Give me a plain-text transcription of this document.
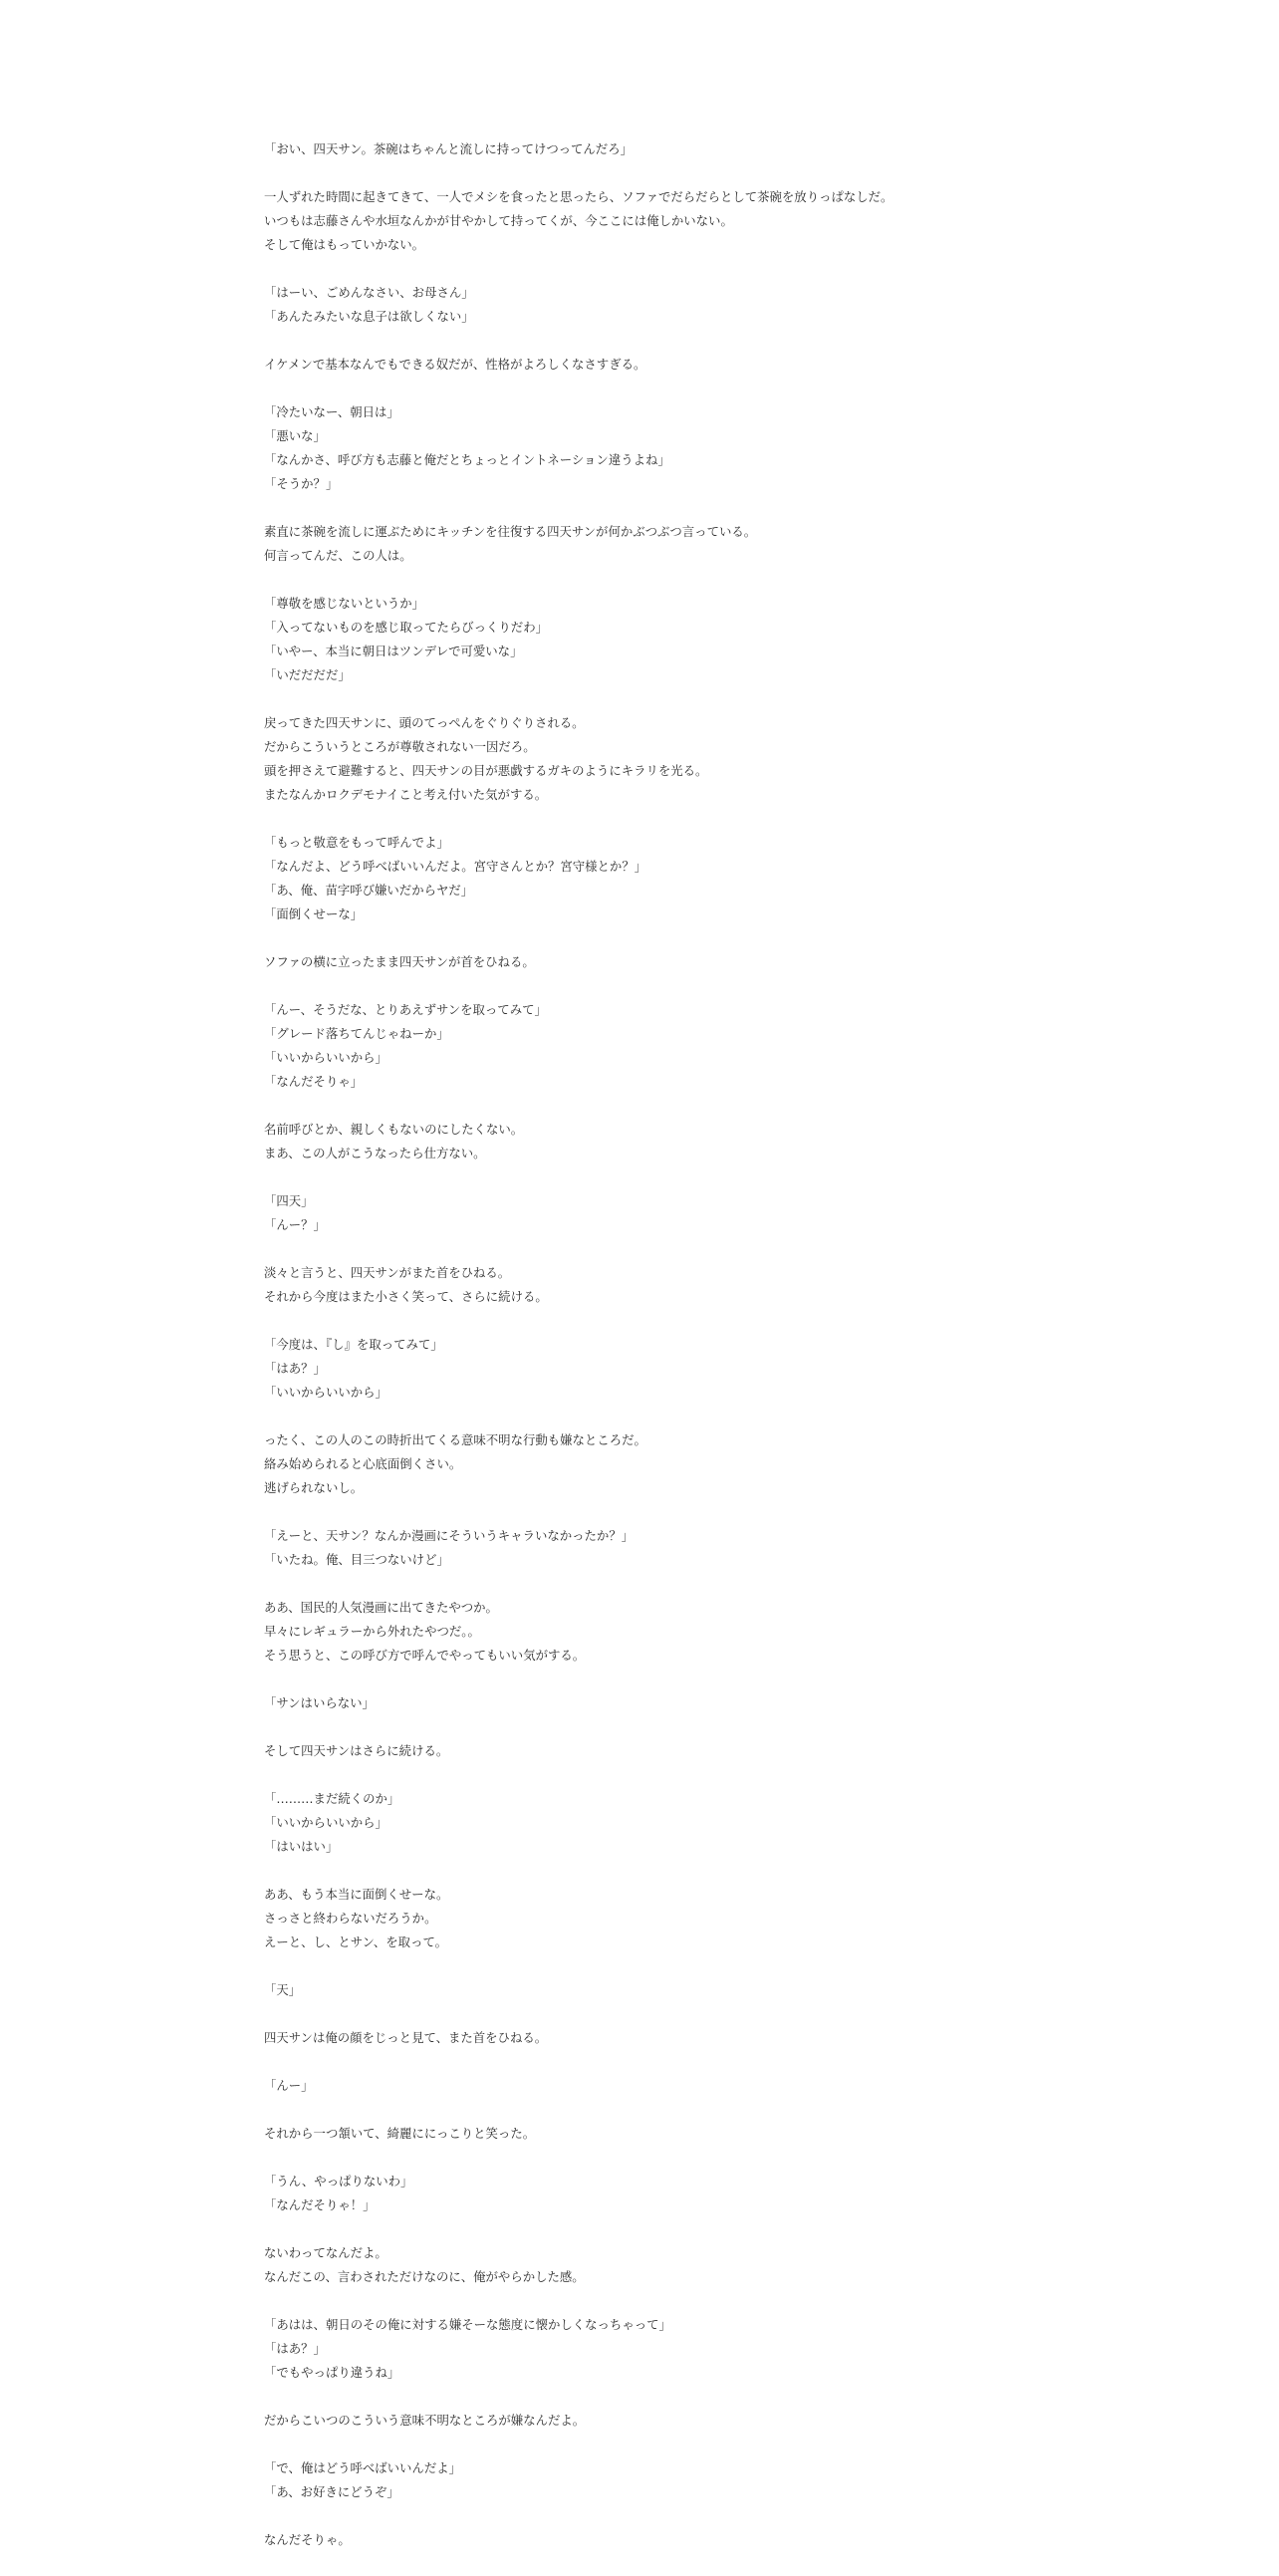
「おい、四天サン。茶碗はちゃんと流しに持ってけつってんだろ」
一人ずれた時間に起きてきて、一人でメシを食ったと思ったら、ソファでだらだらとして茶碗を放りっぱなしだ。
いつもは志藤さんや水垣なんかが甘やかして持ってくが、今ここには俺しかいない。
そして俺はもっていかない。
「はーい、ごめんなさい、お母さん」
「あんたみたいな息子は欲しくない」
イケメンで基本なんでもできる奴だが、性格がよろしくなさすぎる。
「冷たいなー、朝日は」
「悪いな」
「なんかさ、呼び方も志藤と俺だとちょっとイントネーション違うよね」
「そうか？」
素直に茶碗を流しに運ぶためにキッチンを往復する四天サンが何かぶつぶつ言っている。
何言ってんだ、この人は。
「尊敬を感じないというか」
「入ってないものを感じ取ってたらびっくりだわ」
「いやー、本当に朝日はツンデレで可愛いな」
「いだだだだ」
戻ってきた四天サンに、頭のてっぺんをぐりぐりされる。
だからこういうところが尊敬されない一因だろ。
頭を押さえて避難すると、四天サンの目が悪戯するガキのようにキラリを光る。
またなんかロクデモナイこと考え付いた気がする。
「もっと敬意をもって呼んでよ」
「なんだよ、どう呼べばいいんだよ。宮守さんとか？宮守様とか？」
「あ、俺、苗字呼び嫌いだからヤだ」
「面倒くせーな」
ソファの横に立ったまま四天サンが首をひねる。
「んー、そうだな、とりあえずサンを取ってみて」
「グレード落ちてんじゃねーか」
「いいからいいから」
「なんだそりゃ」
名前呼びとか、親しくもないのにしたくない。
まあ、この人がこうなったら仕方ない。
「四天」
「んー？」
淡々と言うと、四天サンがまた首をひねる。
それから今度はまた小さく笑って、さらに続ける。
「今度は、『し』を取ってみて」
「はあ？」
「いいからいいから」
ったく、この人のこの時折出てくる意味不明な行動も嫌なところだ。
絡み始められると心底面倒くさい。
逃げられないし。
「えーと、天サン？なんか漫画にそういうキャラいなかったか？」
「いたね。俺、目三つないけど」
ああ、国民的人気漫画に出てきたやつか。
早々にレギュラーから外れたやつだ。。
そう思うと、この呼び方で呼んでやってもいい気がする。
「サンはいらない」
そして四天サンはさらに続ける。
「………まだ続くのか」
「いいからいいから」
「はいはい」
ああ、もう本当に面倒くせーな。
さっさと終わらないだろうか。
えーと、し、とサン、を取って。
「天」
四天サンは俺の顔をじっと見て、また首をひねる。
「んー」
それから一つ頷いて、綺麗ににっこりと笑った。
「うん、やっぱりないわ」
「なんだそりゃ！」
ないわってなんだよ。
なんだこの、言わされただけなのに、俺がやらかした感。
「あはは、朝日のその俺に対する嫌そーな態度に懐かしくなっちゃって」
「はあ？」
「でもやっぱり違うね」
だからこいつのこういう意味不明なところが嫌なんだよ。
「で、俺はどう呼べばいいんだよ」
「あ、お好きにどうぞ」
なんだそりゃ。
